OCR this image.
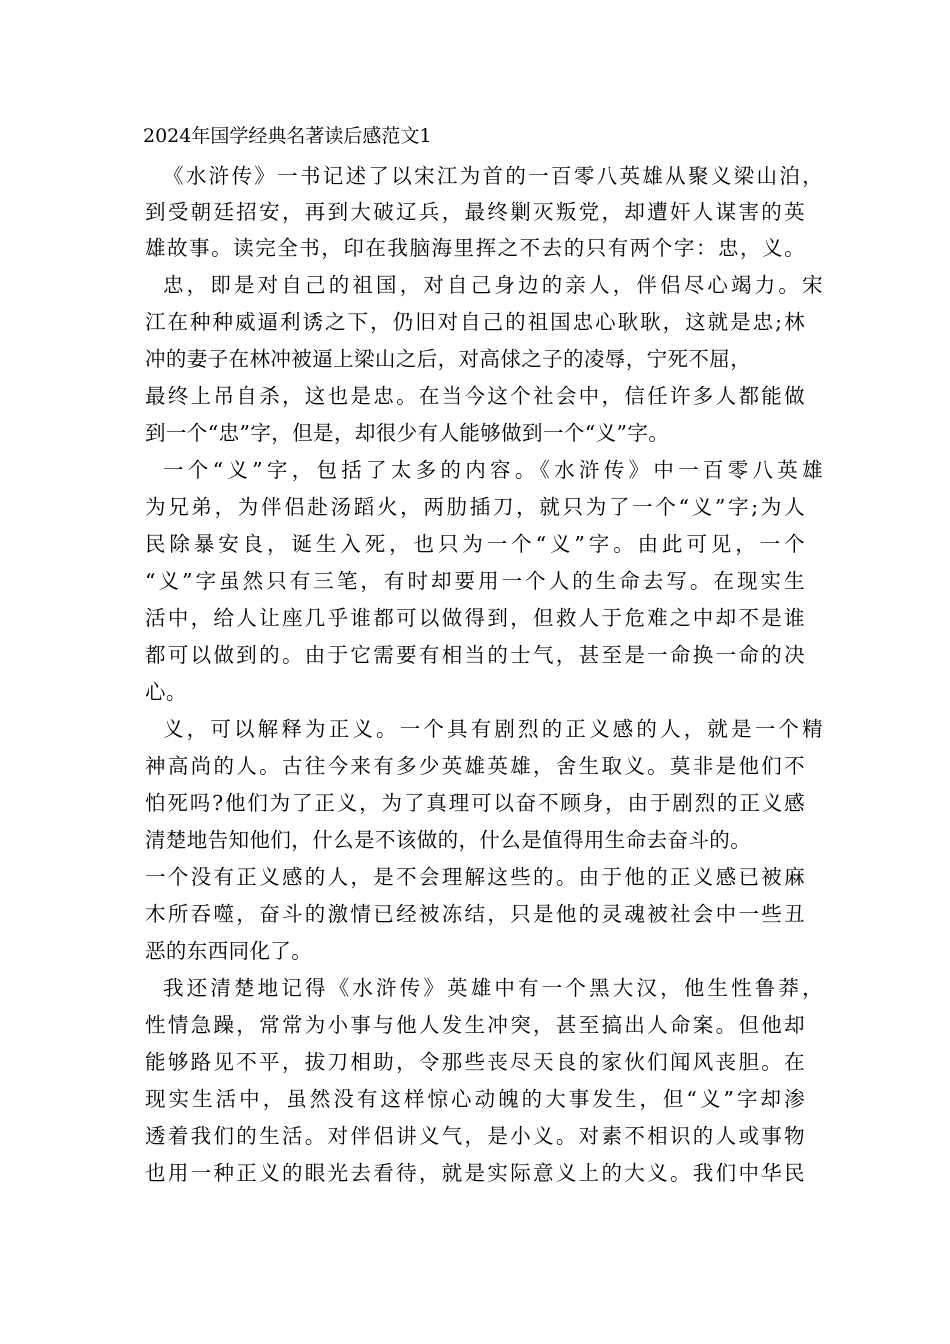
2024年国学经典名著读后感范文1
《水浒传》一书记述了以宋江为首的一百零八英雄从聚义梁山泊，
到受朝廷招安，再到大破辽兵，最终剿灭叛党，却遭奸人谋害的英
雄故事。读完全书，印在我脑海里挥之不去的只有两个字：忠，义。
忠，即是对自己的祖国，对自己身边的亲人，伴侣尽心竭力。宋
江在种种威逼利诱之下，仍旧对自己的祖国忠心耿耿，这就是忠;林
冲的妻子在林冲被逼上梁山之后，对高俅之子的凌辱，宁死不屈，
最终上吊自杀，这也是忠。在当今这个社会中，信任许多人都能做
到一个“忠”字，但是，却很少有人能够做到一个“义”字。
一个“义”字，包括了太多的内容。《水浒传》中一百零八英雄
为兄弟，为伴侣赴汤蹈火，两肋插刀，就只为了一个“义”字;为人
民除暴安良，诞生入死，也只为一个“义”字。由此可见，一个
“义”字虽然只有三笔，有时却要用一个人的生命去写。在现实生
活中，给人让座几乎谁都可以做得到，但救人于危难之中却不是谁
都可以做到的。由于它需要有相当的士气，甚至是一命换一命的决
心。
义，可以解释为正义。一个具有剧烈的正义感的人，就是一个精
神高尚的人。古往今来有多少英雄英雄，舍生取义。莫非是他们不
怕死吗?他们为了正义，为了真理可以奋不顾身，由于剧烈的正义感
清楚地告知他们，什么是不该做的，什么是值得用生命去奋斗的。
一个没有正义感的人，是不会理解这些的。由于他的正义感已被麻
木所吞噬，奋斗的激情已经被冻结，只是他的灵魂被社会中一些丑
恶的东西同化了。
我还清楚地记得《水浒传》英雄中有一个黑大汉，他生性鲁莽，
性情急躁，常常为小事与他人发生冲突，甚至搞出人命案。但他却
能够路见不平，拔刀相助，令那些丧尽天良的家伙们闻风丧胆。在
现实生活中，虽然没有这样惊心动魄的大事发生，但“义”字却渗
透着我们的生活。对伴侣讲义气，是小义。对素不相识的人或事物
也用一种正义的眼光去看待，就是实际意义上的大义。我们中华民
